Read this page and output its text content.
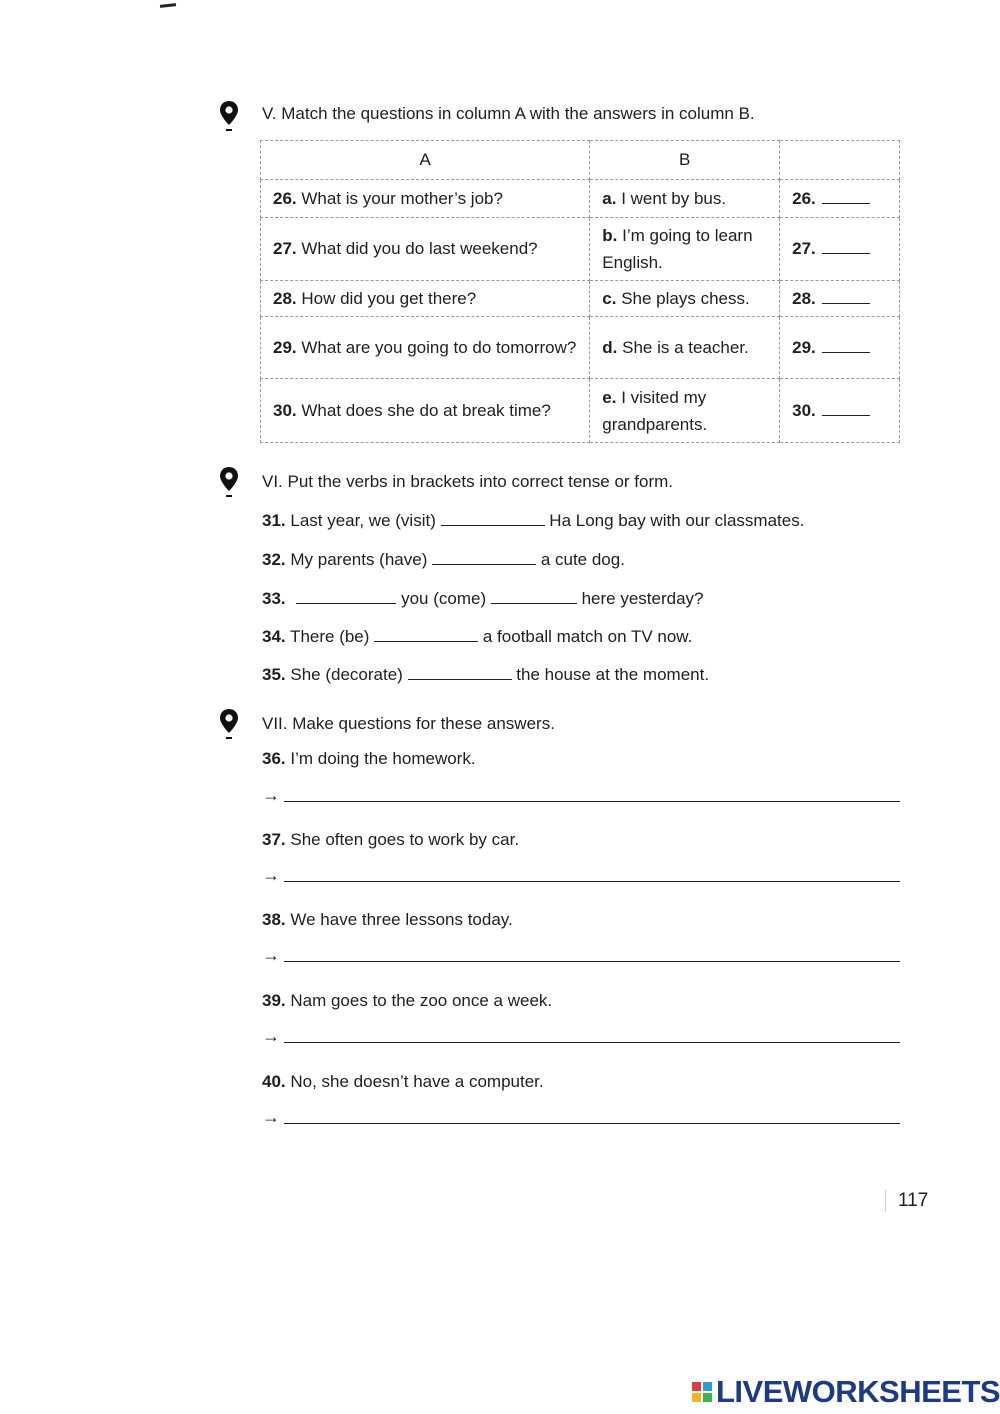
V. Match the questions in column A with the answers in column B.
A	B	
26. What is your mother’s job?	a. I went by bus.	26.
27. What did you do last weekend?	b. I’m going to learn English.	27.
28. How did you get there?	c. She plays chess.	28.
29. What are you going to do tomorrow?	d. She is a teacher.	29.
30. What does she do at break time?	e. I visited my grandparents.	30.
VI. Put the verbs in brackets into correct tense or form.
31. Last year, we (visit)	Ha Long bay with our classmates.
32. My parents (have)	a cute dog.
33.	you (come)	here yesterday?
34. There (be)	a football match on TV now.
35. She (decorate)	the house at the moment.
VII. Make questions for these answers.
36. I’m doing the homework.
→
37. She often goes to work by car.
→
38. We have three lessons today.
→
39. Nam goes to the zoo once a week.
→
40. No, she doesn’t have a computer.
→
117
LIVEWORKSHEETS
